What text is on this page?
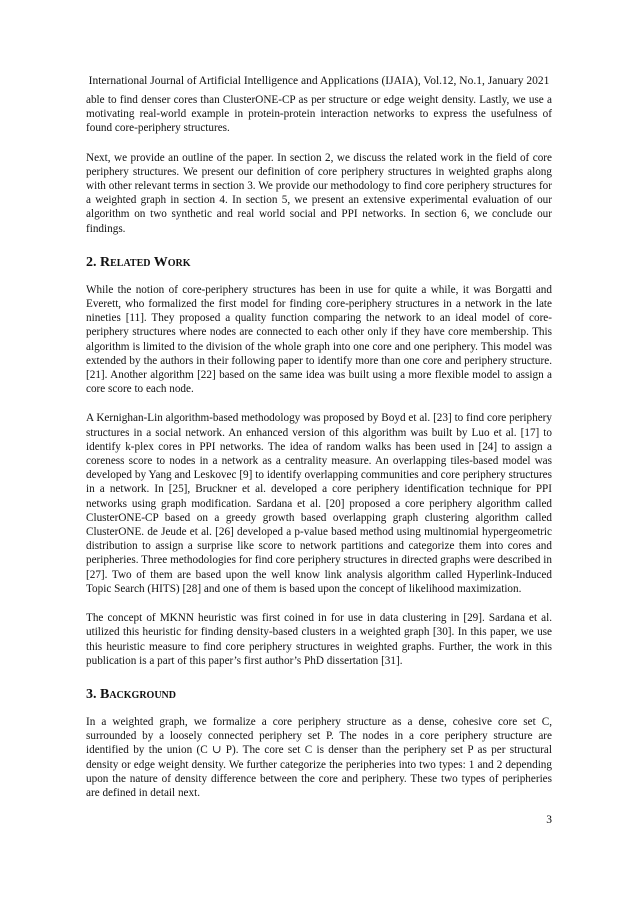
International Journal of Artificial Intelligence and Applications (IJAIA), Vol.12, No.1, January 2021

able to find denser cores than ClusterONE-CP as per structure or edge weight density. Lastly, we use a motivating real-world example in protein-protein interaction networks to express the usefulness of found core-periphery structures.

Next, we provide an outline of the paper. In section 2, we discuss the related work in the field of core periphery structures. We present our definition of core periphery structures in weighted graphs along with other relevant terms in section 3. We provide our methodology to find core periphery structures for a weighted graph in section 4. In section 5, we present an extensive experimental evaluation of our algorithm on two synthetic and real world social and PPI networks. In section 6, we conclude our findings.

2. Related Work

While the notion of core-periphery structures has been in use for quite a while, it was Borgatti and Everett, who formalized the first model for finding core-periphery structures in a network in the late nineties [11]. They proposed a quality function comparing the network to an ideal model of core-periphery structures where nodes are connected to each other only if they have core membership. This algorithm is limited to the division of the whole graph into one core and one periphery. This model was extended by the authors in their following paper to identify more than one core and periphery structure. [21]. Another algorithm [22] based on the same idea was built using a more flexible model to assign a core score to each node.

A Kernighan-Lin algorithm-based methodology was proposed by Boyd et al. [23] to find core periphery structures in a social network. An enhanced version of this algorithm was built by Luo et al. [17] to identify k-plex cores in PPI networks. The idea of random walks has been used in [24] to assign a coreness score to nodes in a network as a centrality measure. An overlapping tiles-based model was developed by Yang and Leskovec [9] to identify overlapping communities and core periphery structures in a network. In [25], Bruckner et al. developed a core periphery identification technique for PPI networks using graph modification. Sardana et al. [20] proposed a core periphery algorithm called ClusterONE-CP based on a greedy growth based overlapping graph clustering algorithm called ClusterONE. de Jeude et al. [26] developed a p-value based method using multinomial hypergeometric distribution to assign a surprise like score to network partitions and categorize them into cores and peripheries. Three methodologies for find core periphery structures in directed graphs were described in [27]. Two of them are based upon the well know link analysis algorithm called Hyperlink-Induced Topic Search (HITS) [28] and one of them is based upon the concept of likelihood maximization.

The concept of MKNN heuristic was first coined in for use in data clustering in [29]. Sardana et al. utilized this heuristic for finding density-based clusters in a weighted graph [30]. In this paper, we use this heuristic measure to find core periphery structures in weighted graphs. Further, the work in this publication is a part of this paper’s first author’s PhD dissertation [31].

3. Background

In a weighted graph, we formalize a core periphery structure as a dense, cohesive core set C, surrounded by a loosely connected periphery set P. The nodes in a core periphery structure are identified by the union (C ∪ P). The core set C is denser than the periphery set P as per structural density or edge weight density. We further categorize the peripheries into two types: 1 and 2 depending upon the nature of density difference between the core and periphery. These two types of peripheries are defined in detail next.

3
